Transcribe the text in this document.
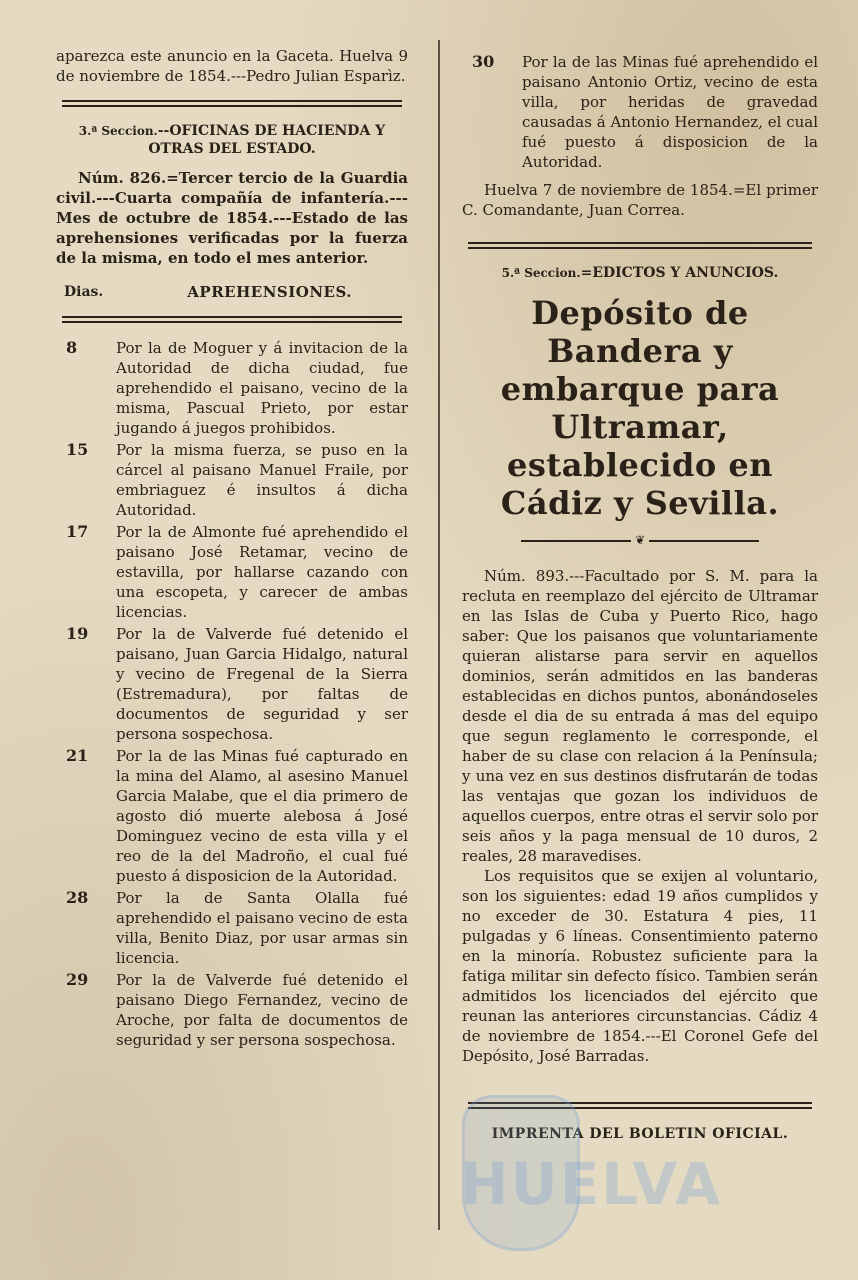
aparezca este anuncio en la Gaceta. Huelva 9 de noviembre de 1854.---Pedro Julian Esparìz.

3.ª Seccion.--OFICINAS DE HACIENDA Y OTRAS DEL ESTADO.

Núm. 826.=Tercer tercio de la Guardia civil.---Cuarta compañía de infantería.---Mes de octubre de 1854.---Estado de las aprehensiones verificadas por la fuerza de la misma, en todo el mes anterior.

Dias.	APREHENSIONES.
8	Por la de Moguer y á invitacion de la Autoridad de dicha ciudad, fue aprehendido el paisano, vecino de la misma, Pascual Prieto, por estar jugando á juegos prohibidos.
15 Por la misma fuerza, se puso en la cárcel al paisano Manuel Fraile, por embriaguez é insultos á dicha Autoridad.
17 Por la de Almonte fué aprehendido el paisano José Retamar, vecino de estavilla, por hallarse cazando con una escopeta, y carecer de ambas licencias.
19 Por la de Valverde fué detenido el paisano, Juan Garcia Hidalgo, natural y vecino de Fregenal de la Sierra (Estremadura), por faltas de documentos de seguridad y ser persona sospechosa.
21 Por la de las Minas fué capturado en la mina del Alamo, al asesino Manuel Garcia Malabe, que el dia primero de agosto dió muerte alebosa á José Dominguez vecino de esta villa y el reo de la del Madroño, el cual fué puesto á disposicion de la Autoridad.
28 Por la de Santa Olalla fué aprehendido el paisano vecino de esta villa, Benito Diaz, por usar armas sin licencia.
29 Por la de Valverde fué detenido el paisano Diego Fernandez, vecino de Aroche, por falta de documentos de seguridad y ser persona sospechosa.
30 Por la de las Minas fué aprehendido el paisano Antonio Ortiz, vecino de esta villa, por heridas de gravedad causadas á Antonio Hernandez, el cual fué puesto á disposicion de la Autoridad.

Huelva 7 de noviembre de 1854.=El primer C. Comandante, Juan Correa.

5.ª Seccion.=EDICTOS Y ANUNCIOS.
Depósito de Bandera y embarque para Ultramar, establecido en Cádiz y Sevilla.
❦

Núm. 893.---Facultado por S. M. para la recluta en reemplazo del ejército de Ultramar en las Islas de Cuba y Puerto Rico, hago saber: Que los paisanos que voluntariamente quieran alistarse para servir en aquellos dominios, serán admitidos en las banderas establecidas en dichos puntos, abonándoseles desde el dia de su entrada á mas del equipo que segun reglamento le corresponde, el haber de su clase con relacion á la Península; y una vez en sus destinos disfrutarán de todas las ventajas que gozan los individuos de aquellos cuerpos, entre otras el servir solo por seis años y la paga mensual de 10 duros, 2 reales, 28 maravedises.

Los requisitos que se exijen al voluntario, son los siguientes: edad 19 años cumplidos y no exceder de 30. Estatura 4 pies, 11 pulgadas y 6 líneas. Consentimiento paterno en la minoría. Robustez suficiente para la fatiga militar sin defecto físico. Tambien serán admitidos los licenciados del ejército que reunan las anteriores circunstancias. Cádiz 4 de noviembre de 1854.---El Coronel Gefe del Depósito, José Barradas.

IMPRENTA DEL BOLETIN OFICIAL.
HUELVA
